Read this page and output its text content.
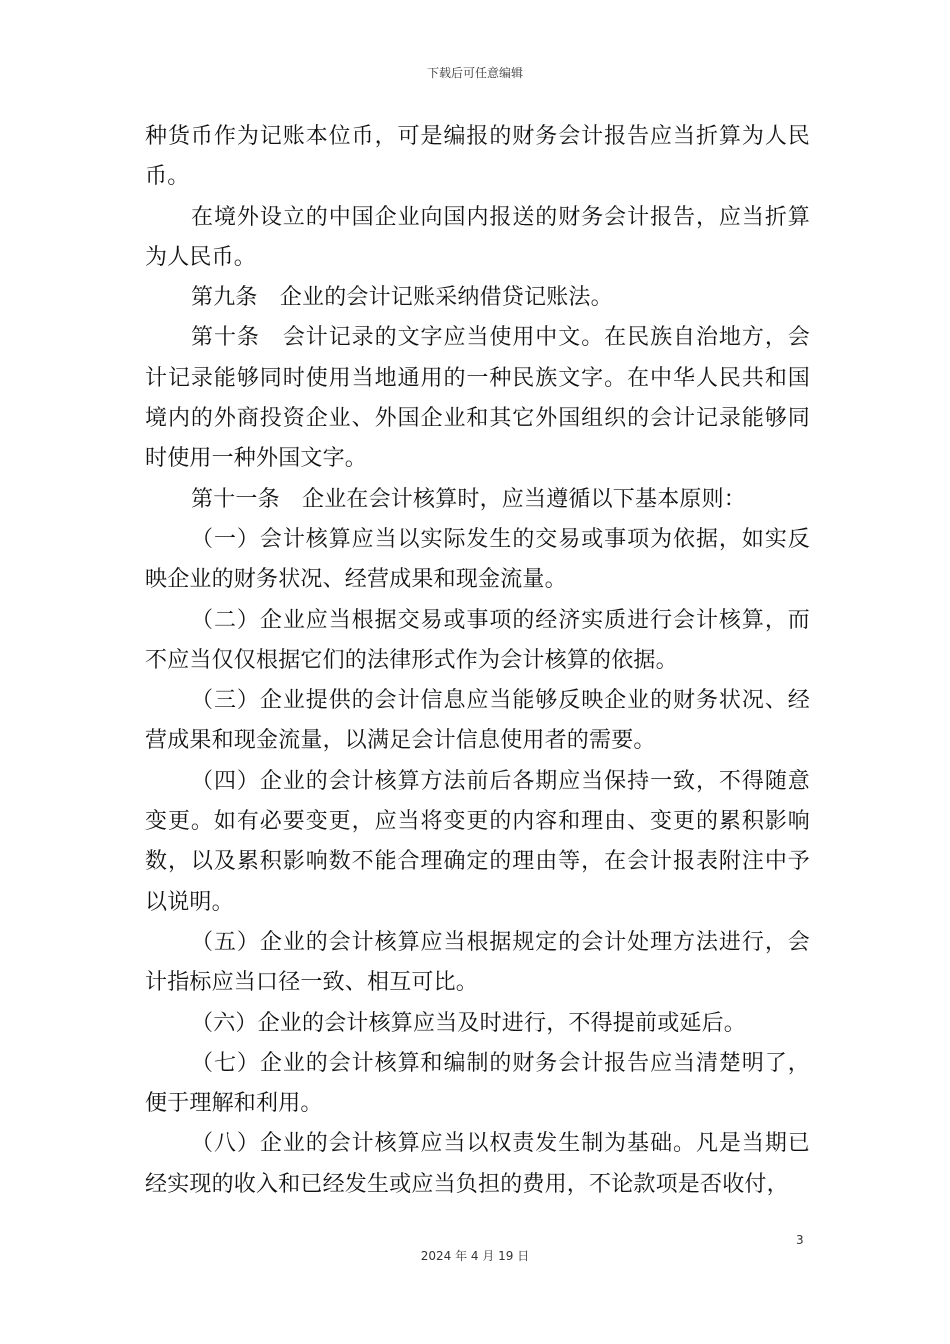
下载后可任意编辑

种货币作为记账本位币，可是编报的财务会计报告应当折算为人民币。

在境外设立的中国企业向国内报送的财务会计报告，应当折算为人民币。

第九条　企业的会计记账采纳借贷记账法。

第十条　会计记录的文字应当使用中文。在民族自治地方，会计记录能够同时使用当地通用的一种民族文字。在中华人民共和国境内的外商投资企业、外国企业和其它外国组织的会计记录能够同时使用一种外国文字。

第十一条　企业在会计核算时，应当遵循以下基本原则：

（一）会计核算应当以实际发生的交易或事项为依据，如实反映企业的财务状况、经营成果和现金流量。

（二）企业应当根据交易或事项的经济实质进行会计核算，而不应当仅仅根据它们的法律形式作为会计核算的依据。

（三）企业提供的会计信息应当能够反映企业的财务状况、经营成果和现金流量，以满足会计信息使用者的需要。

（四）企业的会计核算方法前后各期应当保持一致，不得随意变更。如有必要变更，应当将变更的内容和理由、变更的累积影响数，以及累积影响数不能合理确定的理由等，在会计报表附注中予以说明。

（五）企业的会计核算应当根据规定的会计处理方法进行，会计指标应当口径一致、相互可比。

（六）企业的会计核算应当及时进行，不得提前或延后。

（七）企业的会计核算和编制的财务会计报告应当清楚明了，便于理解和利用。

（八）企业的会计核算应当以权责发生制为基础。凡是当期已经实现的收入和已经发生或应当负担的费用，不论款项是否收付，

3
2024 年 4 月 19 日
